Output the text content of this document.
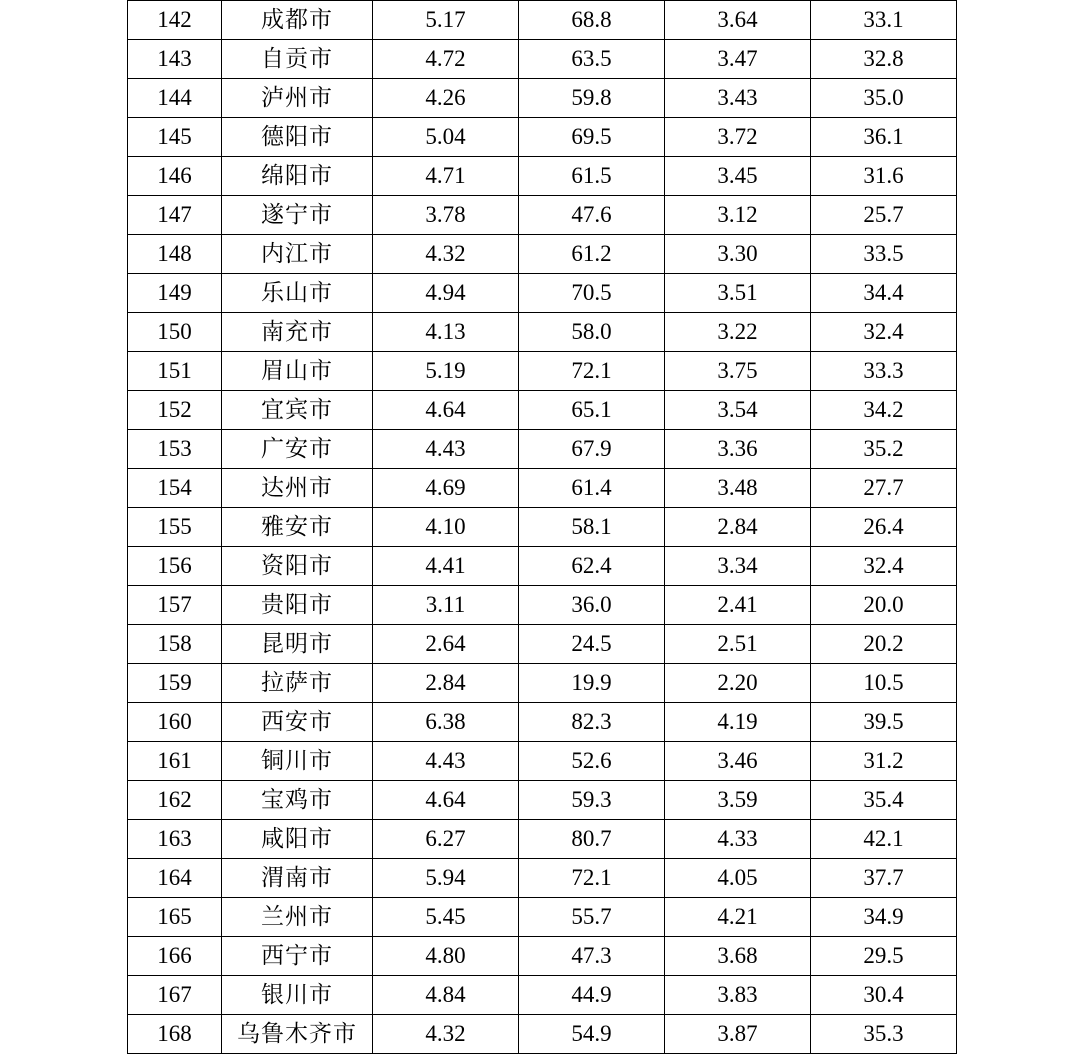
142	成都市	5.17	68.8	3.64	33.1
143	自贡市	4.72	63.5	3.47	32.8
144	泸州市	4.26	59.8	3.43	35.0
145	德阳市	5.04	69.5	3.72	36.1
146	绵阳市	4.71	61.5	3.45	31.6
147	遂宁市	3.78	47.6	3.12	25.7
148	内江市	4.32	61.2	3.30	33.5
149	乐山市	4.94	70.5	3.51	34.4
150	南充市	4.13	58.0	3.22	32.4
151	眉山市	5.19	72.1	3.75	33.3
152	宜宾市	4.64	65.1	3.54	34.2
153	广安市	4.43	67.9	3.36	35.2
154	达州市	4.69	61.4	3.48	27.7
155	雅安市	4.10	58.1	2.84	26.4
156	资阳市	4.41	62.4	3.34	32.4
157	贵阳市	3.11	36.0	2.41	20.0
158	昆明市	2.64	24.5	2.51	20.2
159	拉萨市	2.84	19.9	2.20	10.5
160	西安市	6.38	82.3	4.19	39.5
161	铜川市	4.43	52.6	3.46	31.2
162	宝鸡市	4.64	59.3	3.59	35.4
163	咸阳市	6.27	80.7	4.33	42.1
164	渭南市	5.94	72.1	4.05	37.7
165	兰州市	5.45	55.7	4.21	34.9
166	西宁市	4.80	47.3	3.68	29.5
167	银川市	4.84	44.9	3.83	30.4
168	乌鲁木齐市	4.32	54.9	3.87	35.3
